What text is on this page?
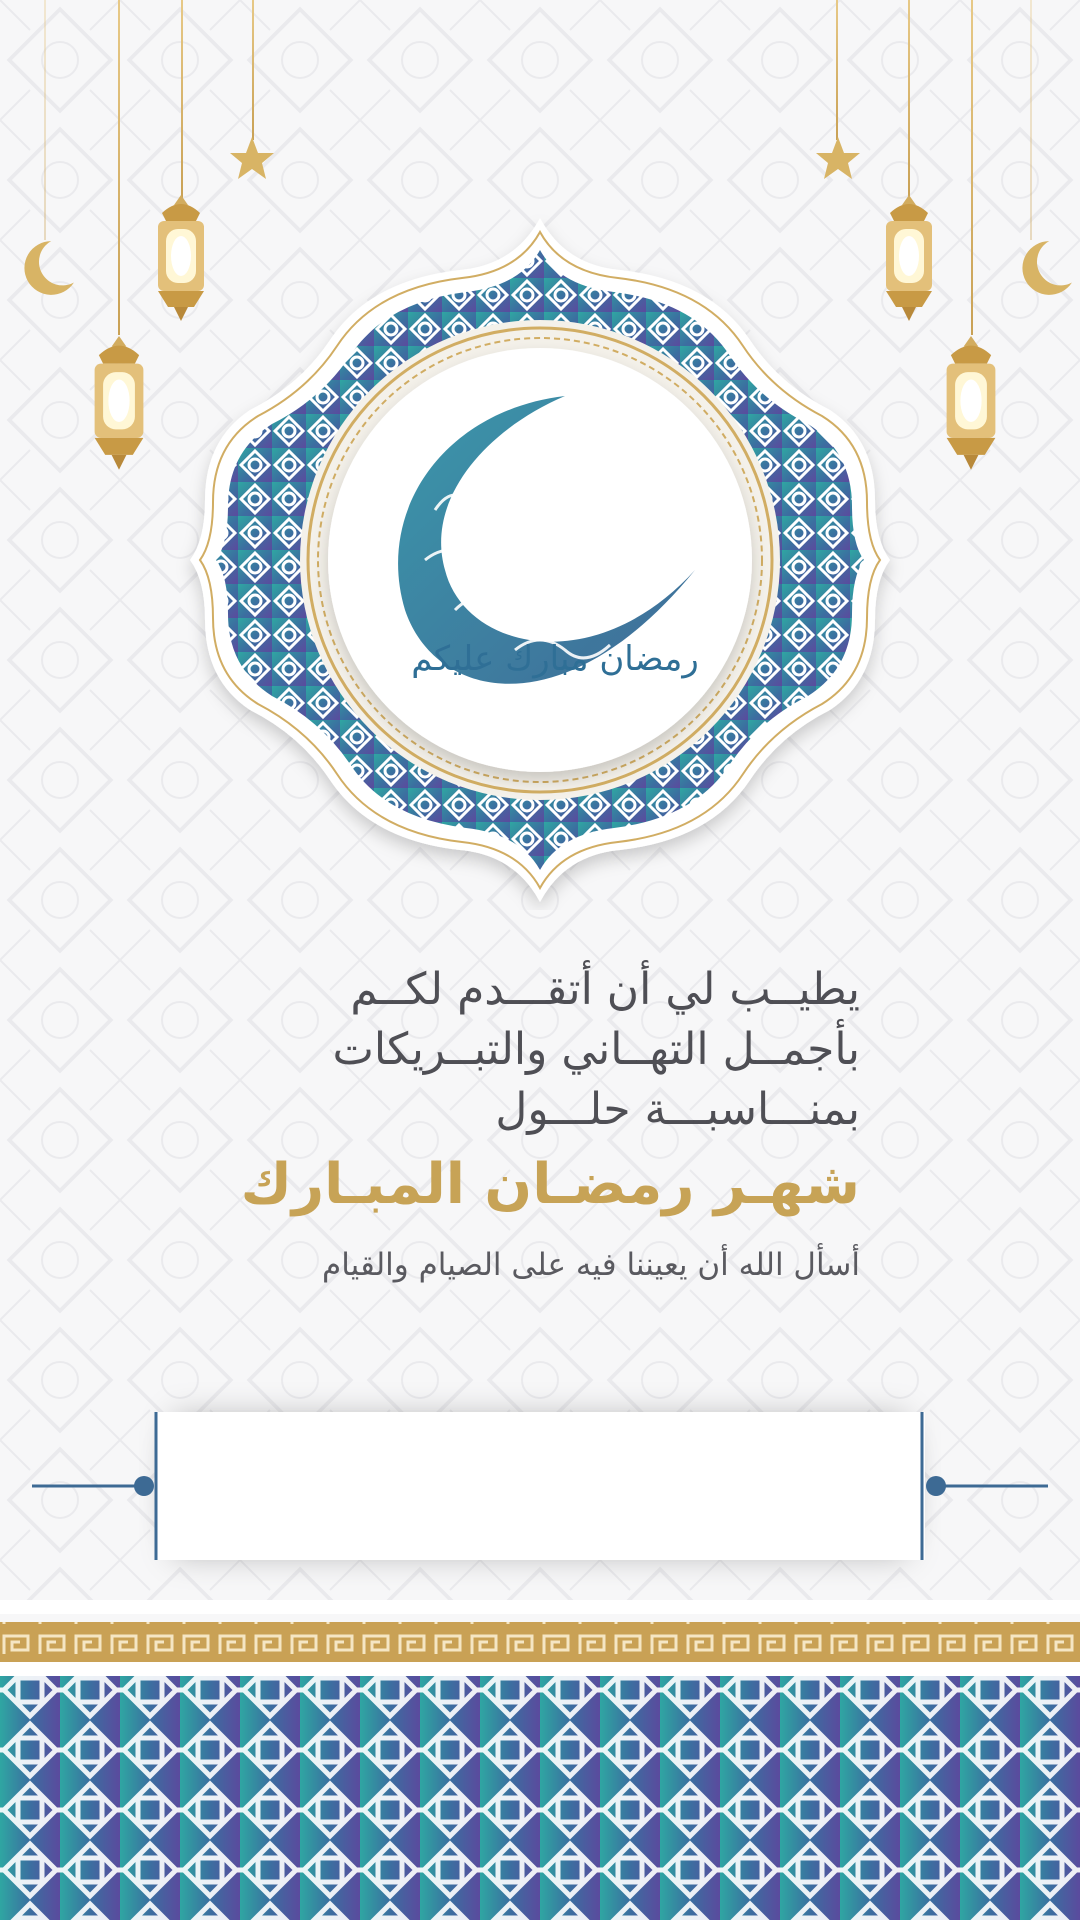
رمضان مبارك عليكم
يطيــب لي أن أتقـــدم لكــم
بأجمــل التهــاني والتبــريكات
بمنـــاسبـــة حلـــول
شهـر رمضـان المبـارك
أسأل الله أن يعيننا فيه على الصيام والقيام
